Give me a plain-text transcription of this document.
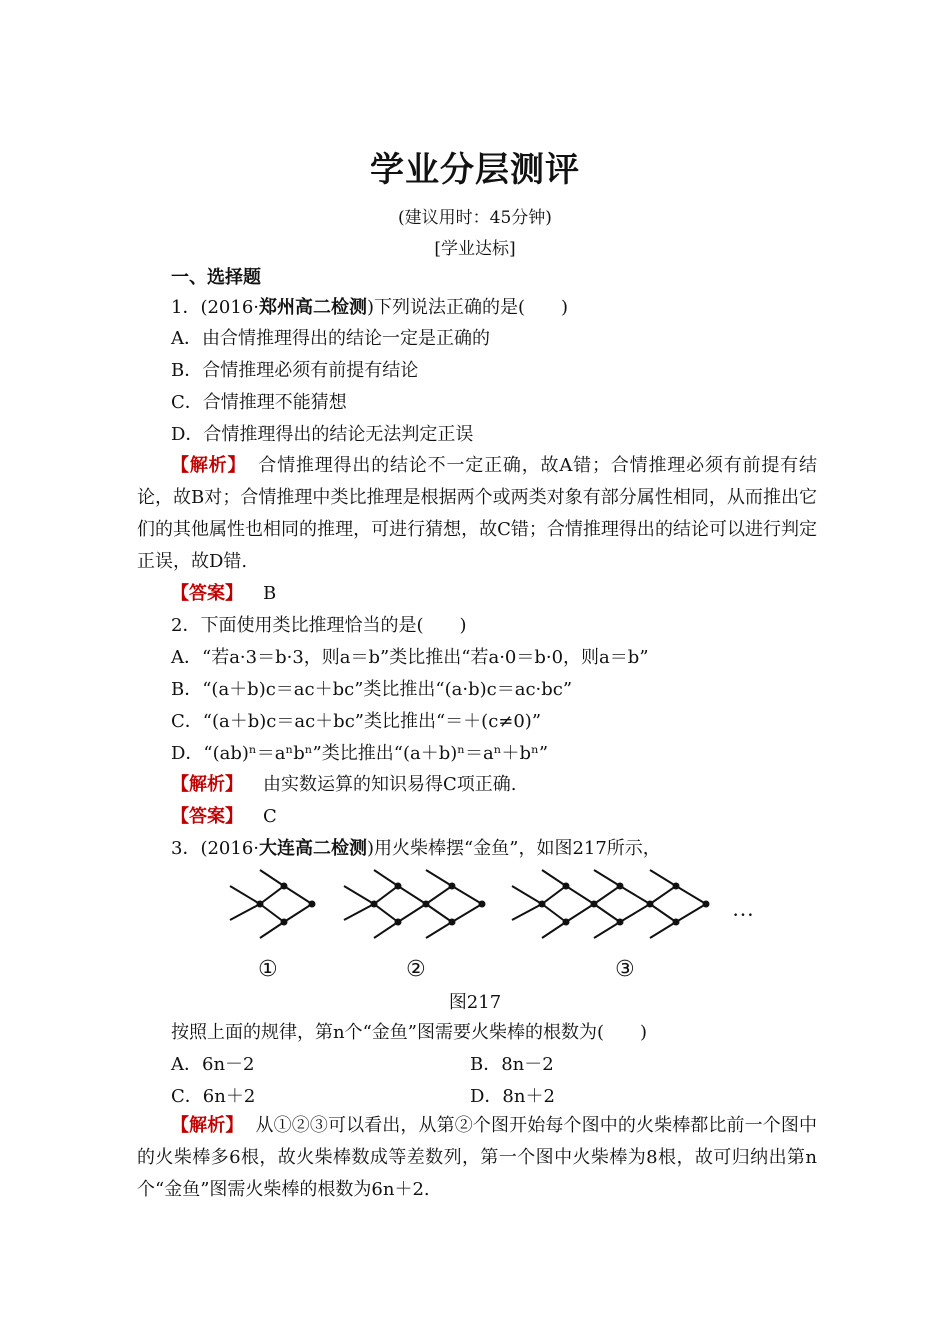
学业分层测评
(建议用时：45分钟)
[学业达标]
一、选择题
1．(2016·郑州高二检测)下列说法正确的是(　　)
A．由合情推理得出的结论一定是正确的
B．合情推理必须有前提有结论
C．合情推理不能猜想
D．合情推理得出的结论无法判定正误
【解析】 合情推理得出的结论不一定正确，故A错；合情推理必须有前提有结论，故B对；合情推理中类比推理是根据两个或两类对象有部分属性相同，从而推出它们的其他属性也相同的推理，可进行猜想，故C错；合情推理得出的结论可以进行判定正误，故D错.
【答案】 B
2．下面使用类比推理恰当的是(　　)
A．“若a·3＝b·3，则a＝b”类比推出“若a·0＝b·0，则a＝b”
B．“(a＋b)c＝ac＋bc”类比推出“(a·b)c＝ac·bc”
C．“(a＋b)c＝ac＋bc”类比推出“＝＋(c≠0)”
D．“(ab)ⁿ＝aⁿbⁿ”类比推出“(a＋b)ⁿ＝aⁿ＋bⁿ”
【解析】 由实数运算的知识易得C项正确.
【答案】 C
3．(2016·大连高二检测)用火柴棒摆“金鱼”，如图217所示，
…
①	②	③
图217
按照上面的规律，第n个“金鱼”图需要火柴棒的根数为(　　)
A．6n－2	B．8n－2
C．6n＋2	D．8n＋2
【解析】 从①②③可以看出，从第②个图开始每个图中的火柴棒都比前一个图中的火柴棒多6根，故火柴棒数成等差数列，第一个图中火柴棒为8根，故可归纳出第n个“金鱼”图需火柴棒的根数为6n＋2.
